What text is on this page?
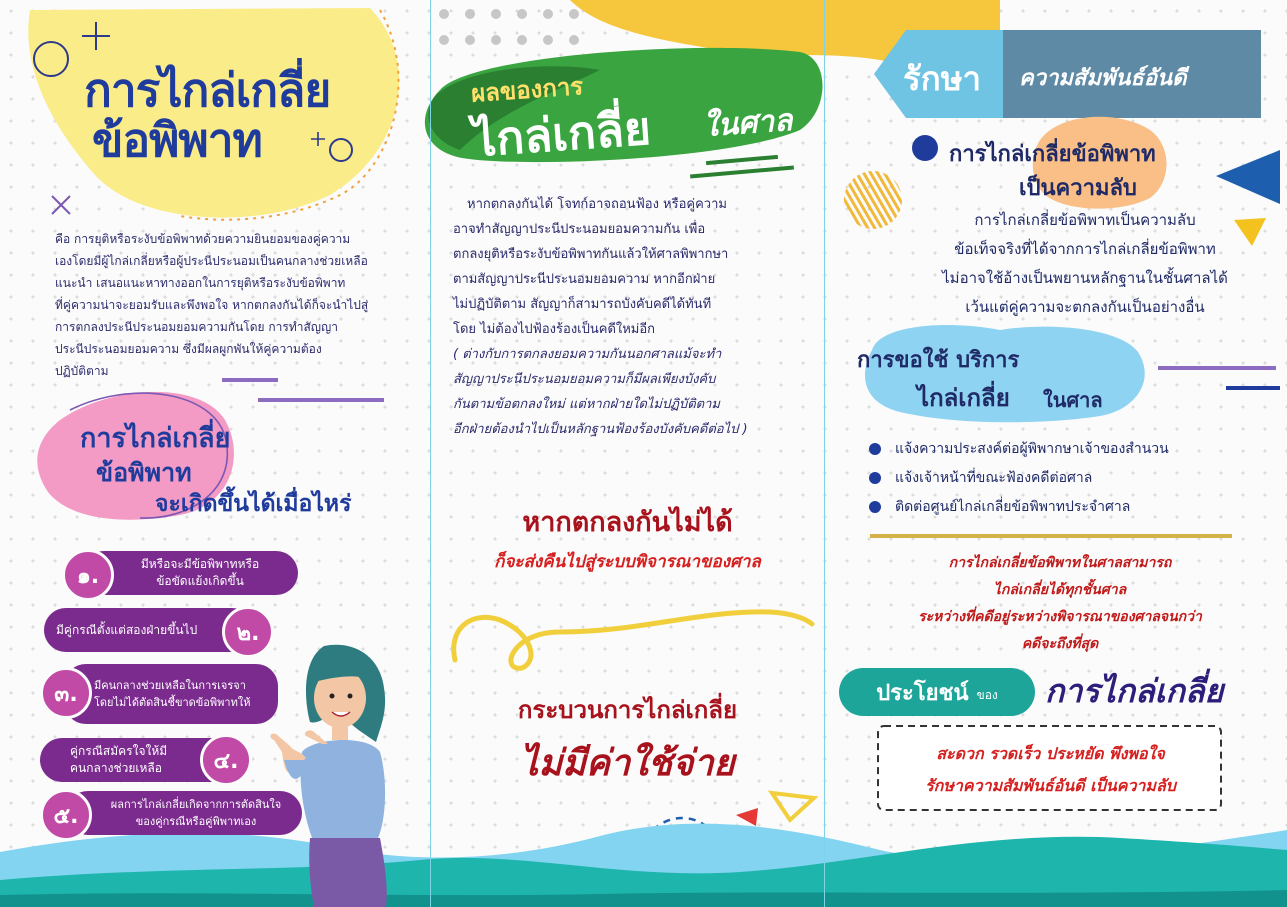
การไกล่เกลี่ย
ข้อพิพาท
คือ การยุติหรือระงับข้อพิพาทด้วยความยินยอมของคู่ความ
เองโดยมีผู้ไกล่เกลี่ยหรือผู้ประนีประนอมเป็นคนกลางช่วยเหลือ
แนะนำ เสนอแนะหาทางออกในการยุติหรือระงับข้อพิพาท
ที่คู่ความน่าจะยอมรับและพึงพอใจ หากตกลงกันได้ก็จะนำไปสู่
การตกลงประนีประนอมยอมความกันโดย การทำสัญญา
ประนีประนอมยอมความ ซึ่งมีผลผูกพันให้คู่ความต้อง
ปฏิบัติตาม
การไกล่เกลี่ย
ข้อพิพาท
จะเกิดขึ้นได้เมื่อไหร่
มีหรือจะมีข้อพิพาทหรือ
ข้อขัดแย้งเกิดขึ้น
๑.
มีคู่กรณีตั้งแต่สองฝ่ายขึ้นไป	๒.
มีคนกลางช่วยเหลือในการเจรจา
โดยไม่ได้ตัดสินชี้ขาดข้อพิพาทให้
๓.
คู่กรณีสมัครใจให้มี
คนกลางช่วยเหลือ	๔.
ผลการไกล่เกลี่ยเกิดจากการตัดสินใจ
ของคู่กรณีหรือคู่พิพาทเอง
๕.
ผลของการ
ไกล่เกลี่ย ในศาล
หากตกลงกันได้ โจทก์อาจถอนฟ้อง หรือคู่ความ
อาจทำสัญญาประนีประนอมยอมความกัน เพื่อ
ตกลงยุติหรือระงับข้อพิพาทกันแล้วให้ศาลพิพากษา
ตามสัญญาประนีประนอมยอมความ หากอีกฝ่าย
ไม่ปฏิบัติตาม สัญญาก็สามารถบังคับคดีได้ทันที
โดย ไม่ต้องไปฟ้องร้องเป็นคดีใหม่อีก
( ต่างกับการตกลงยอมความกันนอกศาลแม้จะทำ
สัญญาประนีประนอมยอมความก็มีผลเพียงบังคับ
กันตามข้อตกลงใหม่ แต่หากฝ่ายใดไม่ปฏิบัติตาม
อีกฝ่ายต้องนำไปเป็นหลักฐานฟ้องร้องบังคับคดีต่อไป )
หากตกลงกันไม่ได้
ก็จะส่งคืนไปสู่ระบบพิจารณาของศาล
กระบวนการไกล่เกลี่ย
ไม่มีค่าใช้จ่าย
รักษา ความสัมพันธ์อันดี
การไกล่เกลี่ยข้อพิพาท
เป็นความลับ
การไกล่เกลี่ยข้อพิพาทเป็นความลับ
ข้อเท็จจริงที่ได้จากการไกล่เกลี่ยข้อพิพาท
ไม่อาจใช้อ้างเป็นพยานหลักฐานในชั้นศาลได้
เว้นแต่คู่ความจะตกลงกันเป็นอย่างอื่น
การขอใช้ บริการ
ไกล่เกลี่ย ในศาล
แจ้งความประสงค์ต่อผู้พิพากษาเจ้าของสำนวน
แจ้งเจ้าหน้าที่ขณะฟ้องคดีต่อศาล
ติดต่อศูนย์ไกล่เกลี่ยข้อพิพาทประจำศาล
การไกล่เกลี่ยข้อพิพาทในศาลสามารถ
ไกล่เกลี่ยได้ทุกชั้นศาล
ระหว่างที่คดีอยู่ระหว่างพิจารณาของศาลจนกว่า
คดีจะถึงที่สุด
ประโยชน์ ของ การไกล่เกลี่ย
สะดวก รวดเร็ว ประหยัด พึงพอใจ
รักษาความสัมพันธ์อันดี เป็นความลับ
